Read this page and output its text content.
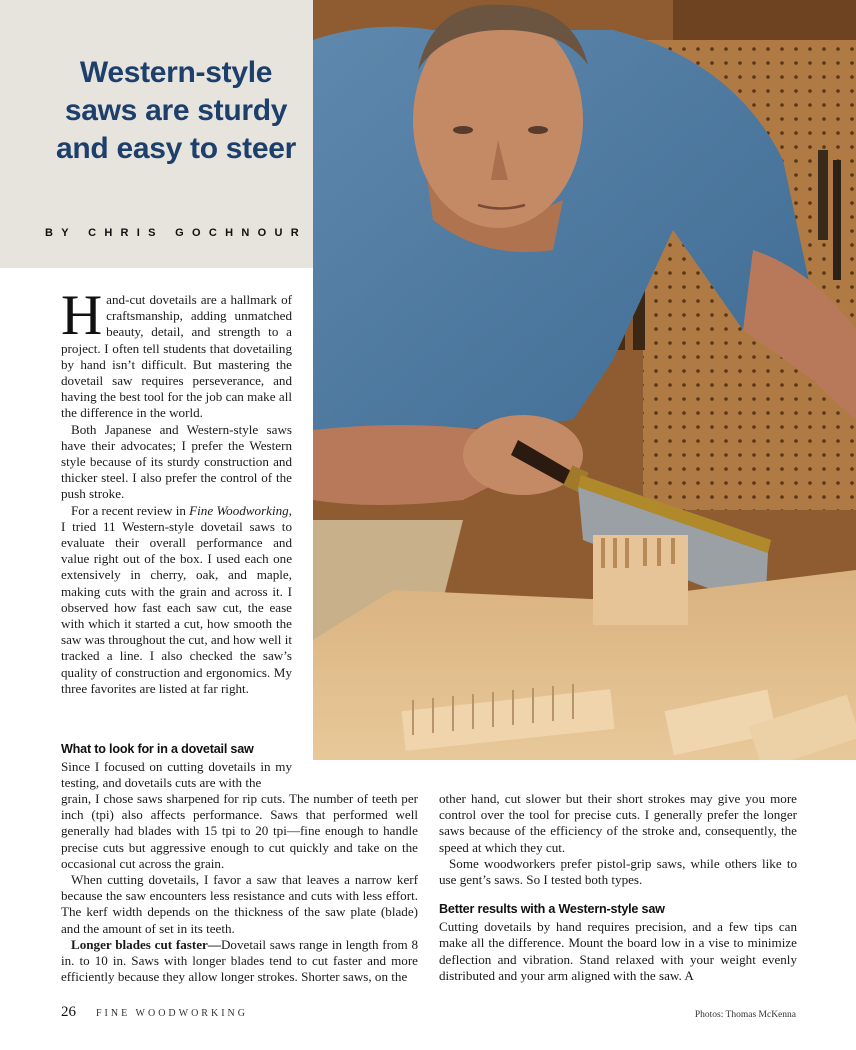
Western-style saws are sturdy and easy to steer
BY CHRIS GOCHNOUR

Hand-cut dovetails are a hallmark of craftsmanship, adding unmatched beauty, detail, and strength to a project. I often tell students that dovetailing by hand isn’t difficult. But mastering the dovetail saw requires perseverance, and having the best tool for the job can make all the difference in the world.

Both Japanese and Western-style saws have their advocates; I prefer the Western style because of its sturdy construction and thicker steel. I also prefer the control of the push stroke.

For a recent review in Fine Woodworking, I tried 11 Western-style dovetail saws to evaluate their overall performance and value right out of the box. I used each one extensively in cherry, oak, and maple, making cuts with the grain and across it. I observed how fast each saw cut, the ease with which it started a cut, how smooth the saw was throughout the cut, and how well it tracked a line. I also checked the saw’s quality of construction and ergonomics. My three favorites are listed at far right.

What to look for in a dovetail saw
Since I focused on cutting dovetails in my testing, and dovetails cuts are with the

grain, I chose saws sharpened for rip cuts. The number of teeth per inch (tpi) also affects performance. Saws that performed well generally had blades with 15 tpi to 20 tpi—fine enough to handle precise cuts but aggressive enough to cut quickly and take on the occasional cut across the grain.

When cutting dovetails, I favor a saw that leaves a narrow kerf because the saw encounters less resistance and cuts with less effort. The kerf width depends on the thickness of the saw plate (blade) and the amount of set in its teeth.

Longer blades cut faster—Dovetail saws range in length from 8 in. to 10 in. Saws with longer blades tend to cut faster and more efficiently because they allow longer strokes. Shorter saws, on the

other hand, cut slower but their short strokes may give you more control over the tool for precise cuts. I generally prefer the longer saws because of the efficiency of the stroke and, consequently, the speed at which they cut.

Some woodworkers prefer pistol-grip saws, while others like to use gent’s saws. So I tested both types.

Better results with a Western-style saw

Cutting dovetails by hand requires precision, and a few tips can make all the difference. Mount the board low in a vise to minimize deflection and vibration. Stand relaxed with your weight evenly distributed and your arm aligned with the saw. A

26 FINE WOODWORKING	Photos: Thomas McKenna
